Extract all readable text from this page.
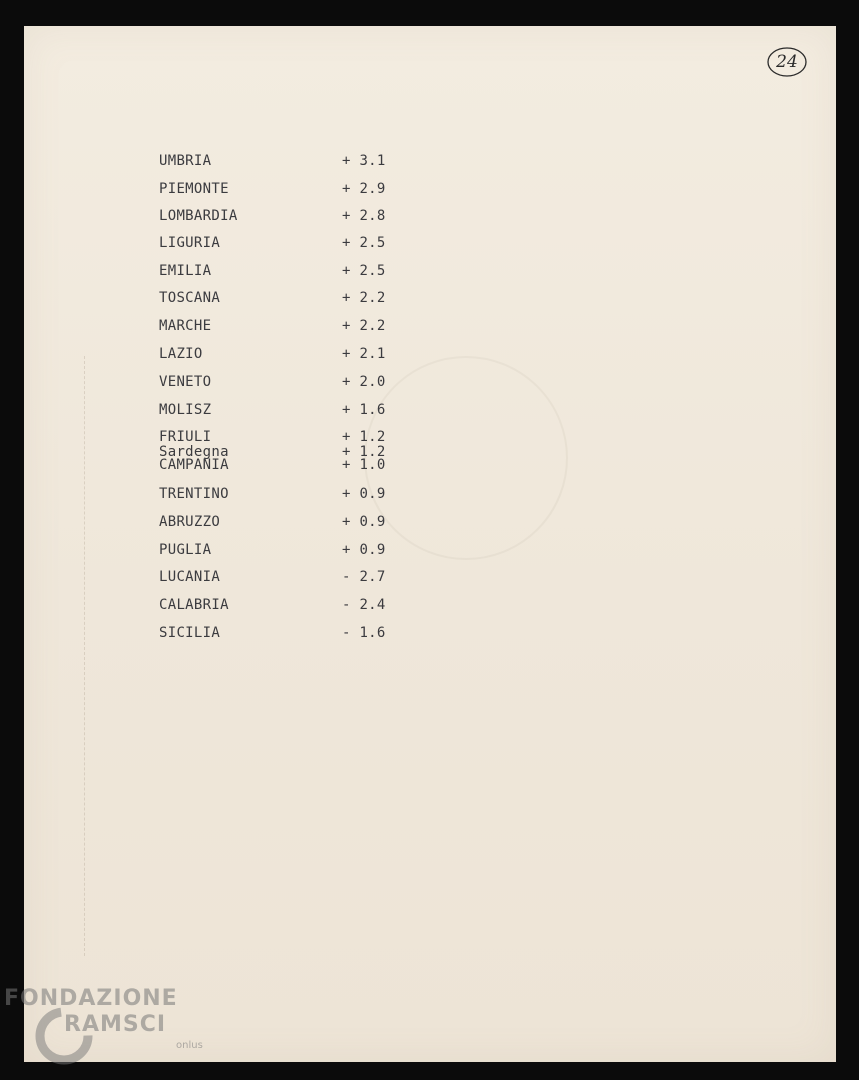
24
UMBRIA	+ 3.1
PIEMONTE	+ 2.9
LOMBARDIA	+ 2.8
LIGURIA	+ 2.5
EMILIA	+ 2.5
TOSCANA	+ 2.2
MARCHE	+ 2.2
LAZIO	+ 2.1
VENETO	+ 2.0
MOLISZ	+ 1.6
FRIULI	+ 1.2
Sardegna	+ 1.2
CAMPANIA	+ 1.0
TRENTINO	+ 0.9
ABRUZZO	+ 0.9
PUGLIA	+ 0.9
LUCANIA	- 2.7
CALABRIA	- 2.4
SICILIA	- 1.6
FONDAZIONE
RAMSCI
onlus
